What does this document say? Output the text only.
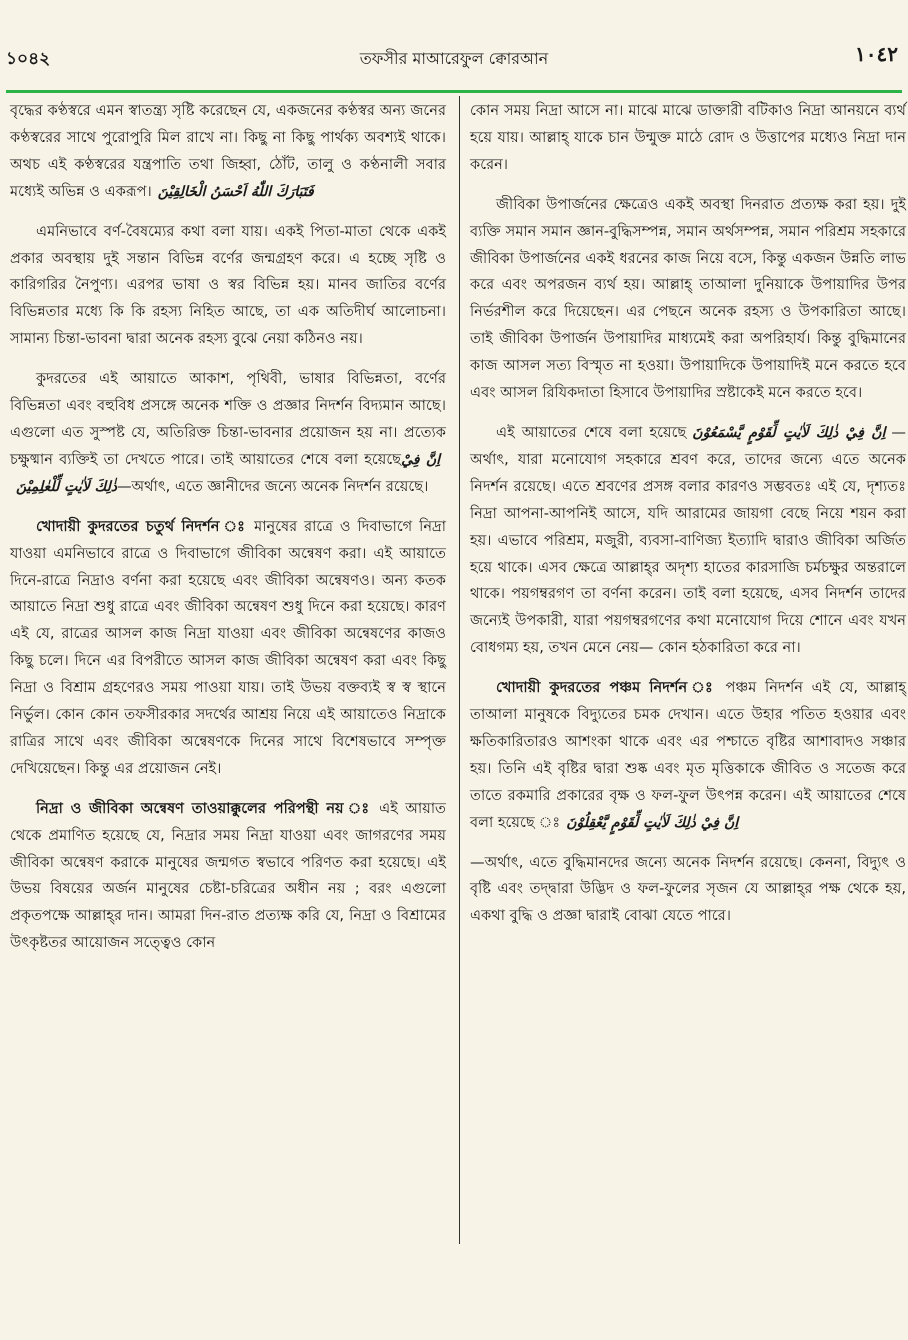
১০৪২	তফসীর মাআরেফুল ক্বোরআন	١٠٤٢

বৃদ্ধের কণ্ঠস্বরে এমন স্বাতন্ত্র্য সৃষ্টি করেছেন যে, একজনের কণ্ঠস্বর অন্য জনের কণ্ঠস্বরের সাথে পুরোপুরি মিল রাখে না। কিছু না কিছু পার্থক্য অবশ্যই থাকে। অথচ এই কণ্ঠস্বরের যন্ত্রপাতি তথা জিহ্বা, ঠোঁট, তালু ও কণ্ঠনালী সবার মধ্যেই অভিন্ন ও একরূপ। فَتَبَارَكَ اللّٰهُ اَحْسَنُ الْخَالِقِيْنَ

এমনিভাবে বর্ণ-বৈষম্যের কথা বলা যায়। একই পিতা-মাতা থেকে একই প্রকার অবস্থায় দুই সন্তান বিভিন্ন বর্ণের জন্মগ্রহণ করে। এ হচ্ছে সৃষ্টি ও কারিগরির নৈপুণ্য। এরপর ভাষা ও স্বর বিভিন্ন হয়। মানব জাতির বর্ণের বিভিন্নতার মধ্যে কি কি রহস্য নিহিত আছে, তা এক অতিদীর্ঘ আলোচনা। সামান্য চিন্তা-ভাবনা দ্বারা অনেক রহস্য বুঝে নেয়া কঠিনও নয়।

কুদরতের এই আয়াতে আকাশ, পৃথিবী, ভাষার বিভিন্নতা, বর্ণের বিভিন্নতা এবং বহুবিধ প্রসঙ্গে অনেক শক্তি ও প্রজ্ঞার নিদর্শন বিদ্যমান আছে। এগুলো এত সুস্পষ্ট যে, অতিরিক্ত চিন্তা-ভাবনার প্রয়োজন হয় না। প্রত্যেক চক্ষুষ্মান ব্যক্তিই তা দেখতে পারে। তাই আয়াতের শেষে বলা হয়েছেاِنَّ فِيْ ذٰلِكَ لَاٰيٰتٍ لِّلْعٰلِمِيْنَ—অর্থাৎ, এতে জ্ঞানীদের জন্যে অনেক নিদর্শন রয়েছে।

খোদায়ী কুদরতের চতুর্থ নিদর্শন ঃ মানুষের রাত্রে ও দিবাভাগে নিদ্রা যাওয়া এমনিভাবে রাত্রে ও দিবাভাগে জীবিকা অন্বেষণ করা। এই আয়াতে দিনে-রাত্রে নিদ্রাও বর্ণনা করা হয়েছে এবং জীবিকা অন্বেষণও। অন্য কতক আয়াতে নিদ্রা শুধু রাত্রে এবং জীবিকা অন্বেষণ শুধু দিনে করা হয়েছে। কারণ এই যে, রাত্রের আসল কাজ নিদ্রা যাওয়া এবং জীবিকা অন্বেষণের কাজও কিছু চলে। দিনে এর বিপরীতে আসল কাজ জীবিকা অন্বেষণ করা এবং কিছু নিদ্রা ও বিশ্রাম গ্রহণেরও সময় পাওয়া যায়। তাই উভয় বক্তব্যই স্ব স্ব স্থানে নির্ভুল। কোন কোন তফসীরকার সদর্থের আশ্রয় নিয়ে এই আয়াতেও নিদ্রাকে রাত্রির সাথে এবং জীবিকা অন্বেষণকে দিনের সাথে বিশেষভাবে সম্পৃক্ত দেখিয়েছেন। কিন্তু এর প্রয়োজন নেই।

নিদ্রা ও জীবিকা অন্বেষণ তাওয়াক্কুলের পরিপন্থী নয় ঃ এই আয়াত থেকে প্রমাণিত হয়েছে যে, নিদ্রার সময় নিদ্রা যাওয়া এবং জাগরণের সময় জীবিকা অন্বেষণ করাকে মানুষের জন্মগত স্বভাবে পরিণত করা হয়েছে। এই উভয় বিষয়ের অর্জন মানুষের চেষ্টা-চরিত্রের অধীন নয় ; বরং এগুলো প্রকৃতপক্ষে আল্লাহ্‌র দান। আমরা দিন-রাত প্রত্যক্ষ করি যে, নিদ্রা ও বিশ্রামের উৎকৃষ্টতর আয়োজন সত্ত্বেও কোন

কোন সময় নিদ্রা আসে না। মাঝে মাঝে ডাক্তারী বটিকাও নিদ্রা আনয়নে ব্যর্থ হয়ে যায়। আল্লাহ্‌ যাকে চান উন্মুক্ত মাঠে রোদ ও উত্তাপের মধ্যেও নিদ্রা দান করেন।

জীবিকা উপার্জনের ক্ষেত্রেও একই অবস্থা দিনরাত প্রত্যক্ষ করা হয়। দুই ব্যক্তি সমান সমান জ্ঞান-বুদ্ধিসম্পন্ন, সমান অর্থসম্পন্ন, সমান পরিশ্রম সহকারে জীবিকা উপার্জনের একই ধরনের কাজ নিয়ে বসে, কিন্তু একজন উন্নতি লাভ করে এবং অপরজন ব্যর্থ হয়। আল্লাহ্‌ তাআলা দুনিয়াকে উপায়াদির উপর নির্ভরশীল করে দিয়েছেন। এর পেছনে অনেক রহস্য ও উপকারিতা আছে। তাই জীবিকা উপার্জন উপায়াদির মাধ্যমেই করা অপরিহার্য। কিন্তু বুদ্ধিমানের কাজ আসল সত্য বিস্মৃত না হওয়া। উপায়াদিকে উপায়াদিই মনে করতে হবে এবং আসল রিযিকদাতা হিসাবে উপায়াদির স্রষ্টাকেই মনে করতে হবে।

এই আয়াতের শেষে বলা হয়েছে اِنَّ فِيْ ذٰلِكَ لَاٰيٰتٍ لِّقَوْمٍ يَّسْمَعُوْنَ — অর্থাৎ, যারা মনোযোগ সহকারে শ্রবণ করে, তাদের জন্যে এতে অনেক নিদর্শন রয়েছে। এতে শ্রবণের প্রসঙ্গ বলার কারণও সম্ভবতঃ এই যে, দৃশ্যতঃ নিদ্রা আপনা-আপনিই আসে, যদি আরামের জায়গা বেছে নিয়ে শয়ন করা হয়। এভাবে পরিশ্রম, মজুরী, ব্যবসা-বাণিজ্য ইত্যাদি দ্বারাও জীবিকা অর্জিত হয়ে থাকে। এসব ক্ষেত্রে আল্লাহ্‌র অদৃশ্য হাতের কারসাজি চর্মচক্ষুর অন্তরালে থাকে। পয়গম্বরগণ তা বর্ণনা করেন। তাই বলা হয়েছে, এসব নিদর্শন তাদের জন্যেই উপকারী, যারা পয়গম্বরগণের কথা মনোযোগ দিয়ে শোনে এবং যখন বোধগম্য হয়, তখন মেনে নেয়— কোন হঠকারিতা করে না।

খোদায়ী কুদরতের পঞ্চম নিদর্শন ঃ পঞ্চম নিদর্শন এই যে, আল্লাহ্‌ তাআলা মানুষকে বিদ্যুতের চমক দেখান। এতে উহার পতিত হওয়ার এবং ক্ষতিকারিতারও আশংকা থাকে এবং এর পশ্চাতে বৃষ্টির আশাবাদও সঞ্চার হয়। তিনি এই বৃষ্টির দ্বারা শুষ্ক এবং মৃত মৃত্তিকাকে জীবিত ও সতেজ করে তাতে রকমারি প্রকারের বৃক্ষ ও ফল-ফুল উৎপন্ন করেন। এই আয়াতের শেষে বলা হয়েছে ঃ اِنَّ فِيْ ذٰلِكَ لَاٰيٰتٍ لِّقَوْمٍ يَّعْقِلُوْنَ

—অর্থাৎ, এতে বুদ্ধিমানদের জন্যে অনেক নিদর্শন রয়েছে। কেননা, বিদ্যুৎ ও বৃষ্টি এবং তদ্দ্বারা উদ্ভিদ ও ফল-ফুলের সৃজন যে আল্লাহ্‌র পক্ষ থেকে হয়, একথা বুদ্ধি ও প্রজ্ঞা দ্বারাই বোঝা যেতে পারে।
